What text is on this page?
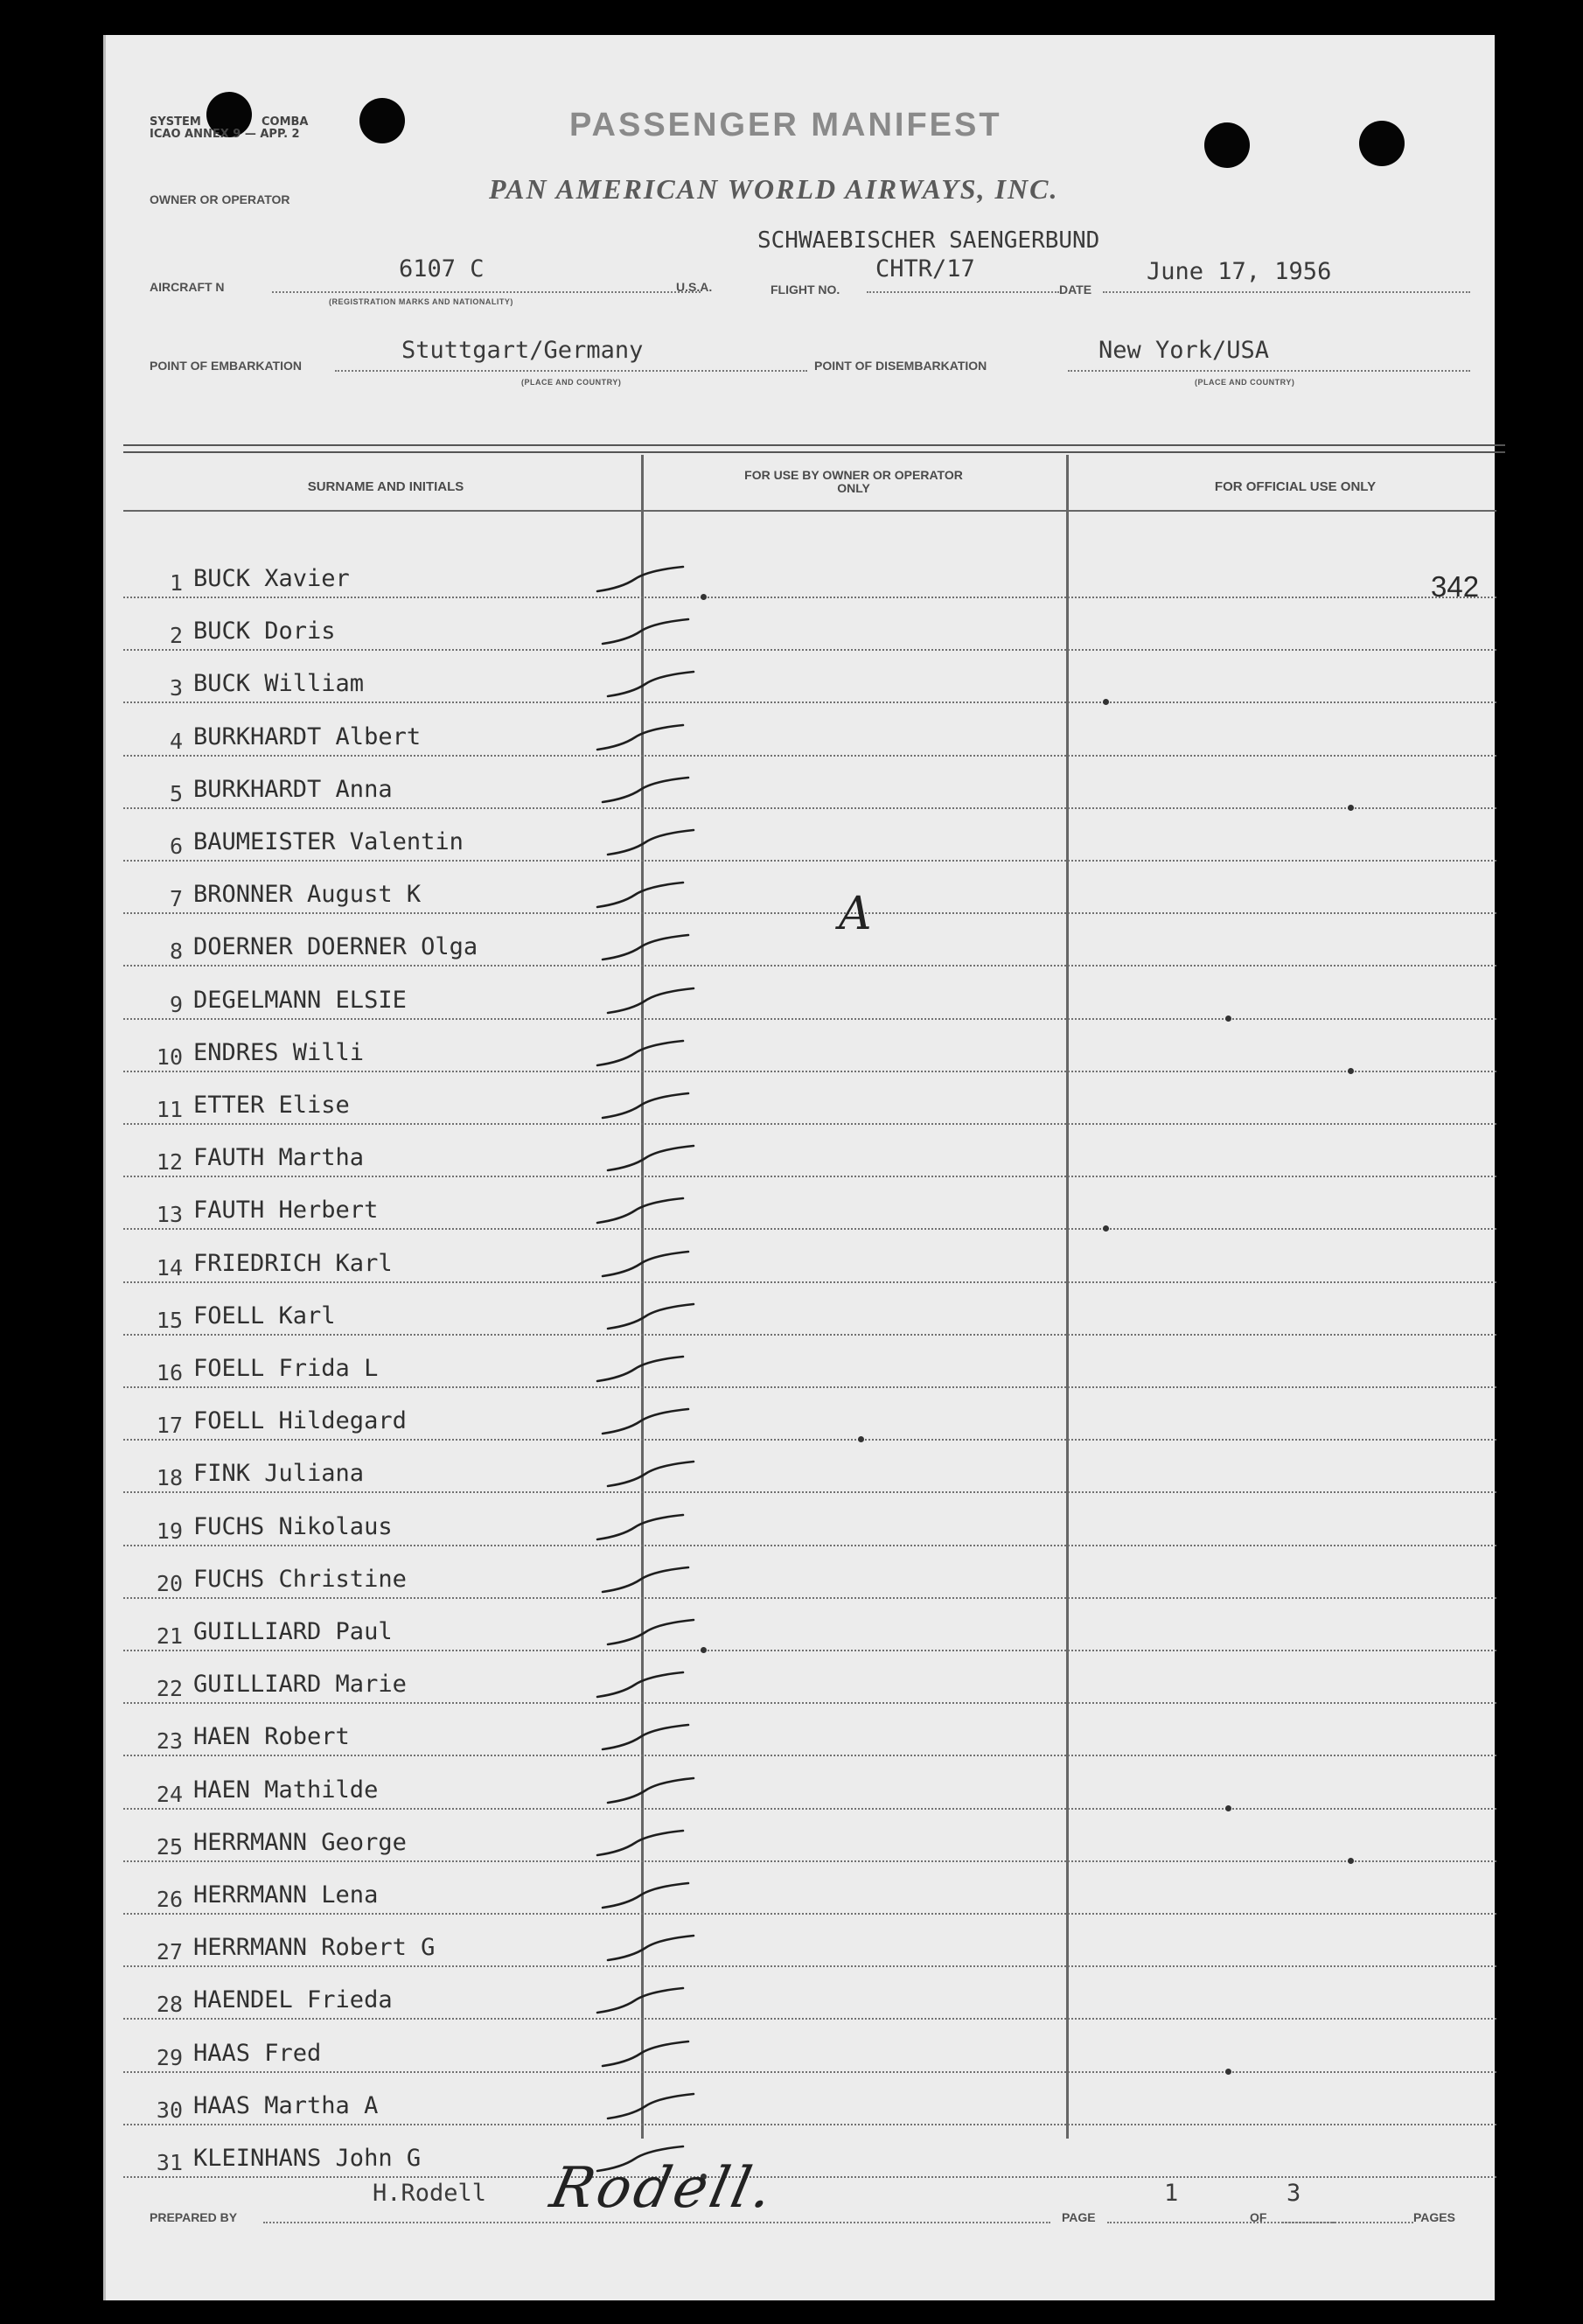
SYSTEM	COMBA
ICAO ANNEX 9 — APP. 2	PASSENGER MANIFEST
OWNER OR OPERATOR	PAN AMERICAN WORLD AIRWAYS, INC.
SCHWAEBISCHER SAENGERBUND
AIRCRAFT N
6107 C
(REGISTRATION MARKS AND NATIONALITY)
U.S.A.	FLIGHT NO.
CHTR/17
DATE
June 17, 1956
POINT OF EMBARKATION
Stuttgart/Germany
(PLACE AND COUNTRY)
POINT OF DISEMBARKATION
New York/USA
(PLACE AND COUNTRY)
SURNAME AND INITIALS
FOR USE BY OWNER OR OPERATOR ONLY	FOR OFFICIAL USE ONLY
1 BUCK Xavier
2 BUCK Doris
3 BUCK William
4 BURKHARDT Albert
5 BURKHARDT Anna
6 BAUMEISTER Valentin
7 BRONNER August K
8 DOERNER DOERNER Olga
9 DEGELMANN ELSIE
10 ENDRES Willi
11 ETTER Elise
12 FAUTH Martha
13 FAUTH Herbert
14 FRIEDRICH Karl
15 FOELL Karl
16 FOELL Frida L
17 FOELL Hildegard
18 FINK Juliana
19 FUCHS Nikolaus
20 FUCHS Christine
21 GUILLIARD Paul
22 GUILLIARD Marie
23 HAEN Robert
24 HAEN Mathilde
25 HERRMANN George
26 HERRMANN Lena
27 HERRMANN Robert G
28 HAENDEL Frieda
29 HAAS Fred
30 HAAS Martha A
31 KLEINHANS John G
342
A
PREPARED BY
H.Rodell Rodell.	PAGE
1
OF
3
PAGES
